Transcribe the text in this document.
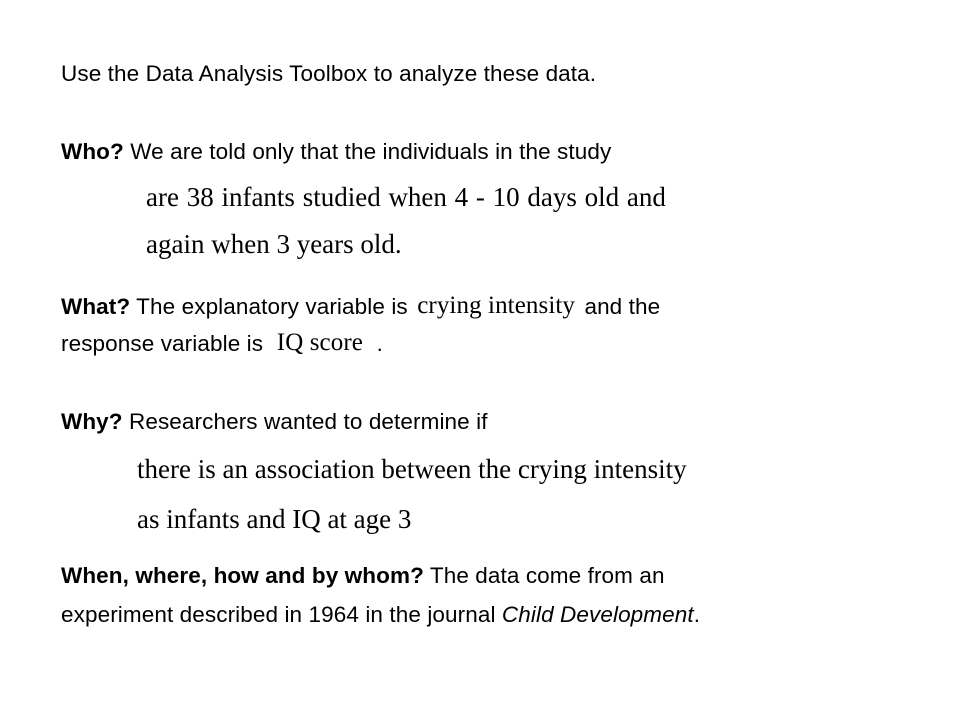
Use the Data Analysis Toolbox to analyze these data.
Who? We are told only that the individuals in the study
are 38 infants studied when 4 - 10 days old and
again when 3 years old.
What? The explanatory variable is crying intensity and the
response variable is IQ score .
Why? Researchers wanted to determine if
there is an association between the crying intensity
as infants and IQ at age 3
When, where, how and by whom? The data come from an
experiment described in 1964 in the journal Child Development.
